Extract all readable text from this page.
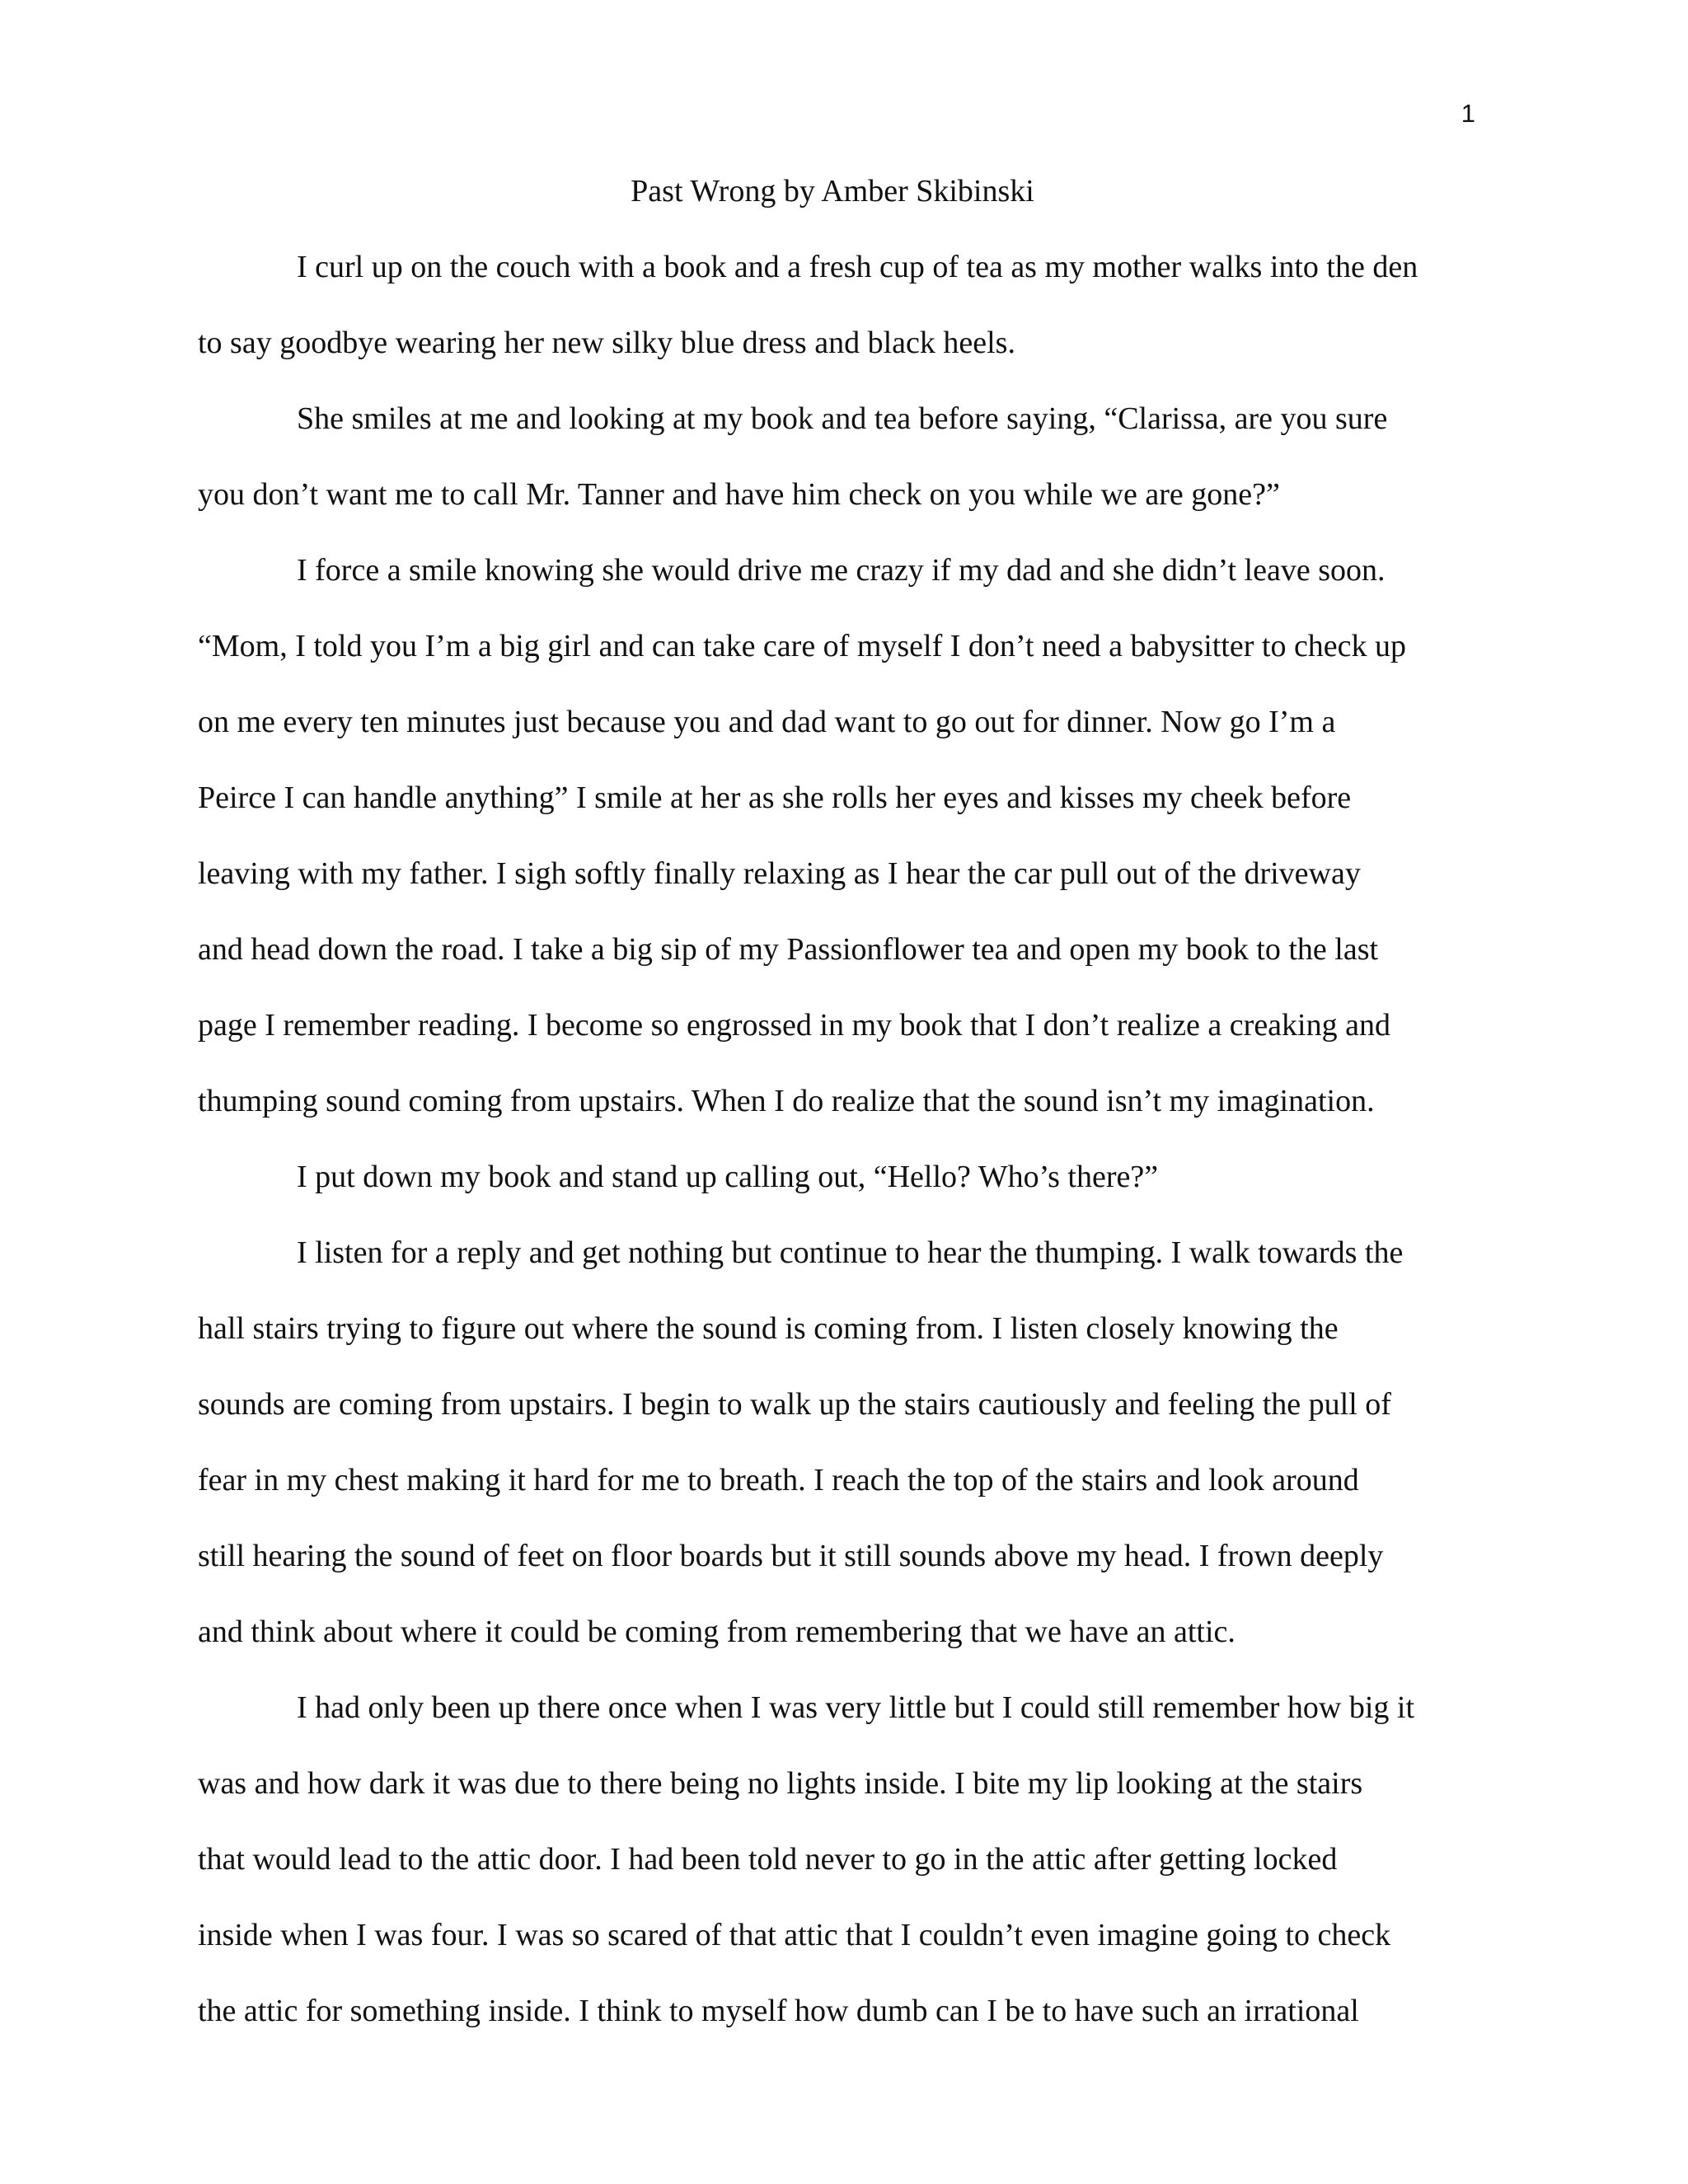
1
Past Wrong by Amber Skibinski
I curl up on the couch with a book and a fresh cup of tea as my mother walks into the den
to say goodbye wearing her new silky blue dress and black heels.
She smiles at me and looking at my book and tea before saying, “Clarissa, are you sure
you don’t want me to call Mr. Tanner and have him check on you while we are gone?”
I force a smile knowing she would drive me crazy if my dad and she didn’t leave soon.
“Mom, I told you I’m a big girl and can take care of myself I don’t need a babysitter to check up
on me every ten minutes just because you and dad want to go out for dinner. Now go I’m a
Peirce I can handle anything” I smile at her as she rolls her eyes and kisses my cheek before
leaving with my father. I sigh softly finally relaxing as I hear the car pull out of the driveway
and head down the road. I take a big sip of my Passionflower tea and open my book to the last
page I remember reading. I become so engrossed in my book that I don’t realize a creaking and
thumping sound coming from upstairs. When I do realize that the sound isn’t my imagination.
I put down my book and stand up calling out, “Hello? Who’s there?”
I listen for a reply and get nothing but continue to hear the thumping. I walk towards the
hall stairs trying to figure out where the sound is coming from. I listen closely knowing the
sounds are coming from upstairs. I begin to walk up the stairs cautiously and feeling the pull of
fear in my chest making it hard for me to breath. I reach the top of the stairs and look around
still hearing the sound of feet on floor boards but it still sounds above my head. I frown deeply
and think about where it could be coming from remembering that we have an attic.
I had only been up there once when I was very little but I could still remember how big it
was and how dark it was due to there being no lights inside. I bite my lip looking at the stairs
that would lead to the attic door. I had been told never to go in the attic after getting locked
inside when I was four. I was so scared of that attic that I couldn’t even imagine going to check
the attic for something inside. I think to myself how dumb can I be to have such an irrational
